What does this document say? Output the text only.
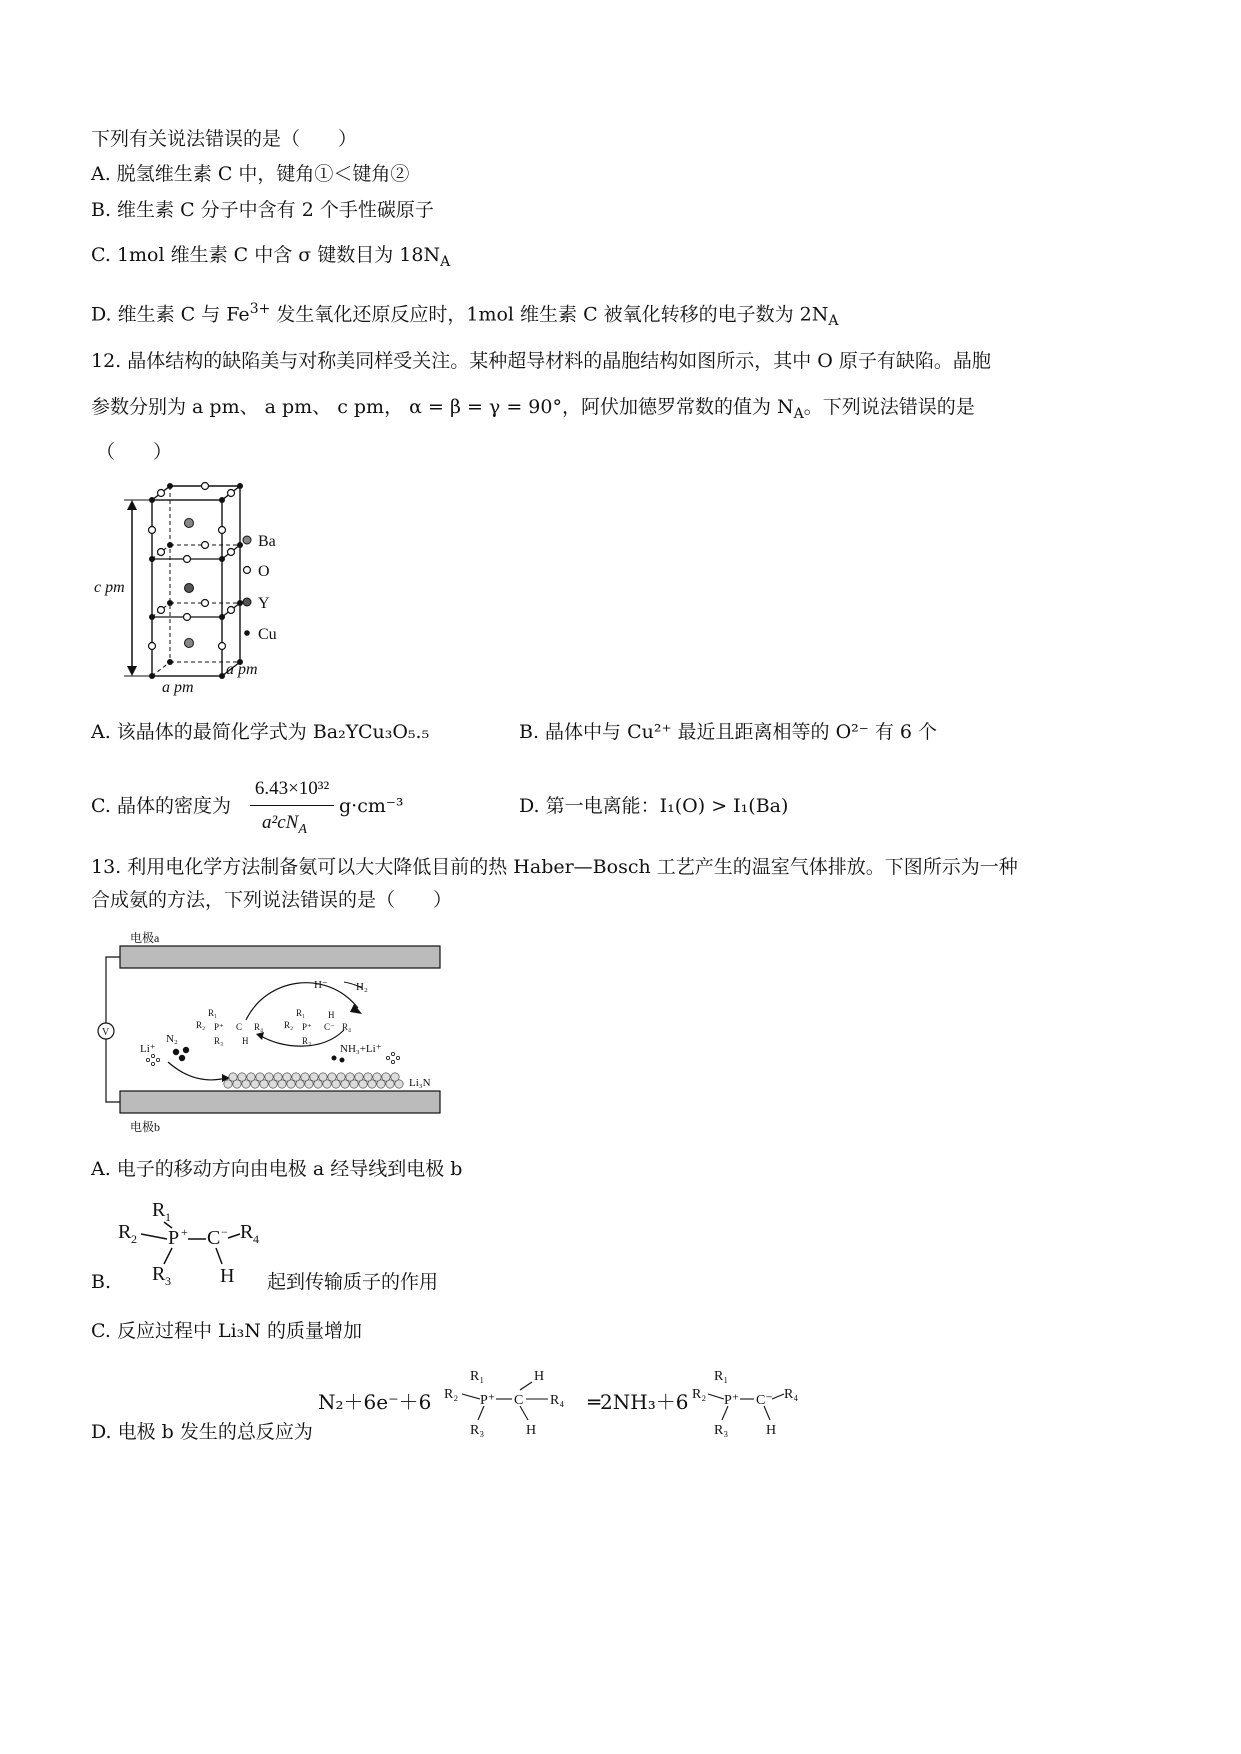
下列有关说法错误的是（　　）
A. 脱氢维生素 C 中，键角①＜键角②
B. 维生素 C 分子中含有 2 个手性碳原子
C. 1mol 维生素 C 中含 σ 键数目为 $18N_A$
D. 维生素 C 与 $Fe^{3+}$ 发生氧化还原反应时，1mol 维生素 C 被氧化转移的电子数为 $2N_A$
12. 晶体结构的缺陷美与对称美同样受关注。某种超导材料的晶胞结构如图所示，其中 O 原子有缺陷。晶胞
参数分别为 a pm、 a pm、 c pm， α = β = γ = 90°，阿伏加德罗常数的值为 $N_A$。下列说法错误的是
（　　）
Ba
O
Y
Cu
c pm
a pm
a pm
A. 该晶体的最简化学式为 Ba₂YCu₃O₅.₅	B. 晶体中与 Cu²⁺ 最近且距离相等的 O²⁻ 有 6 个
C. 晶体的密度为
6.43×10³²
$a^2cN_A$
g·cm⁻³	D. 第一电离能：I₁(O) > I₁(Ba)
13. 利用电化学方法制备氨可以大大降低目前的热 Haber—Bosch 工艺产生的温室气体排放。下图所示为一种
合成氨的方法，下列说法错误的是（　　）
电极a
电极b
V
H⁻	H₂
Li⁺
N₂
NH₃+Li⁺
Li₃N
R₁
R₂ P⁺ C R₄
R₃ H
R₁
R₂ P⁺ C⁻ R₄
R₃
H
A. 电子的移动方向由电极 a 经导线到电极 b
B.
R 1
R 2 P + C − R 4
R 3 H 起到传输质子的作用
C. 反应过程中 Li₃N 的质量增加
D. 电极 b 发生的总反应为
N₂＋6e⁻＋6
R₁
R₂ P⁺ C
H
R₄
R₃	H
═2NH₃＋6
R₁
R₂ P⁺ C⁻ R₄
R₃	H
